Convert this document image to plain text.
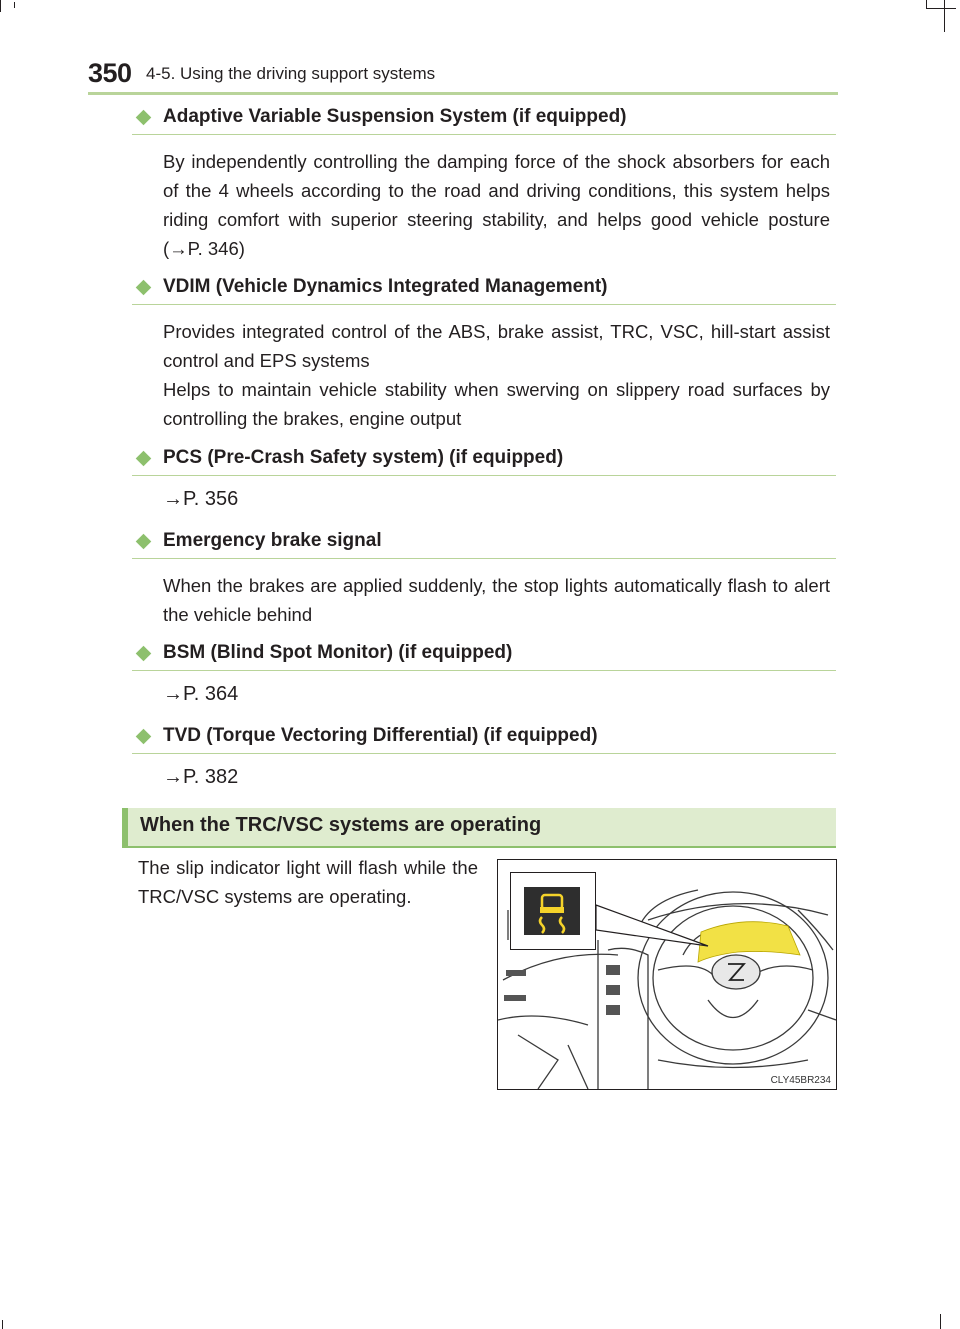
350 4-5. Using the driving support systems
Adaptive Variable Suspension System (if equipped)

By independently controlling the damping force of the shock absorbers for each of the 4 wheels according to the road and driving conditions, this system helps riding comfort with superior steering stability, and helps good vehicle posture (→P. 346)

VDIM (Vehicle Dynamics Integrated Management)

Provides integrated control of the ABS, brake assist, TRC, VSC, hill-start assist control and EPS systems

Helps to maintain vehicle stability when swerving on slippery road surfaces by controlling the brakes, engine output

PCS (Pre-Crash Safety system) (if equipped)
→P. 356
Emergency brake signal

When the brakes are applied suddenly, the stop lights automatically flash to alert the vehicle behind

BSM (Blind Spot Monitor) (if equipped)
→P. 364
TVD (Torque Vectoring Differential) (if equipped)
→P. 382
When the TRC/VSC systems are operating
The slip indicator light will flash while the TRC/VSC systems are operating.
CLY45BR234
